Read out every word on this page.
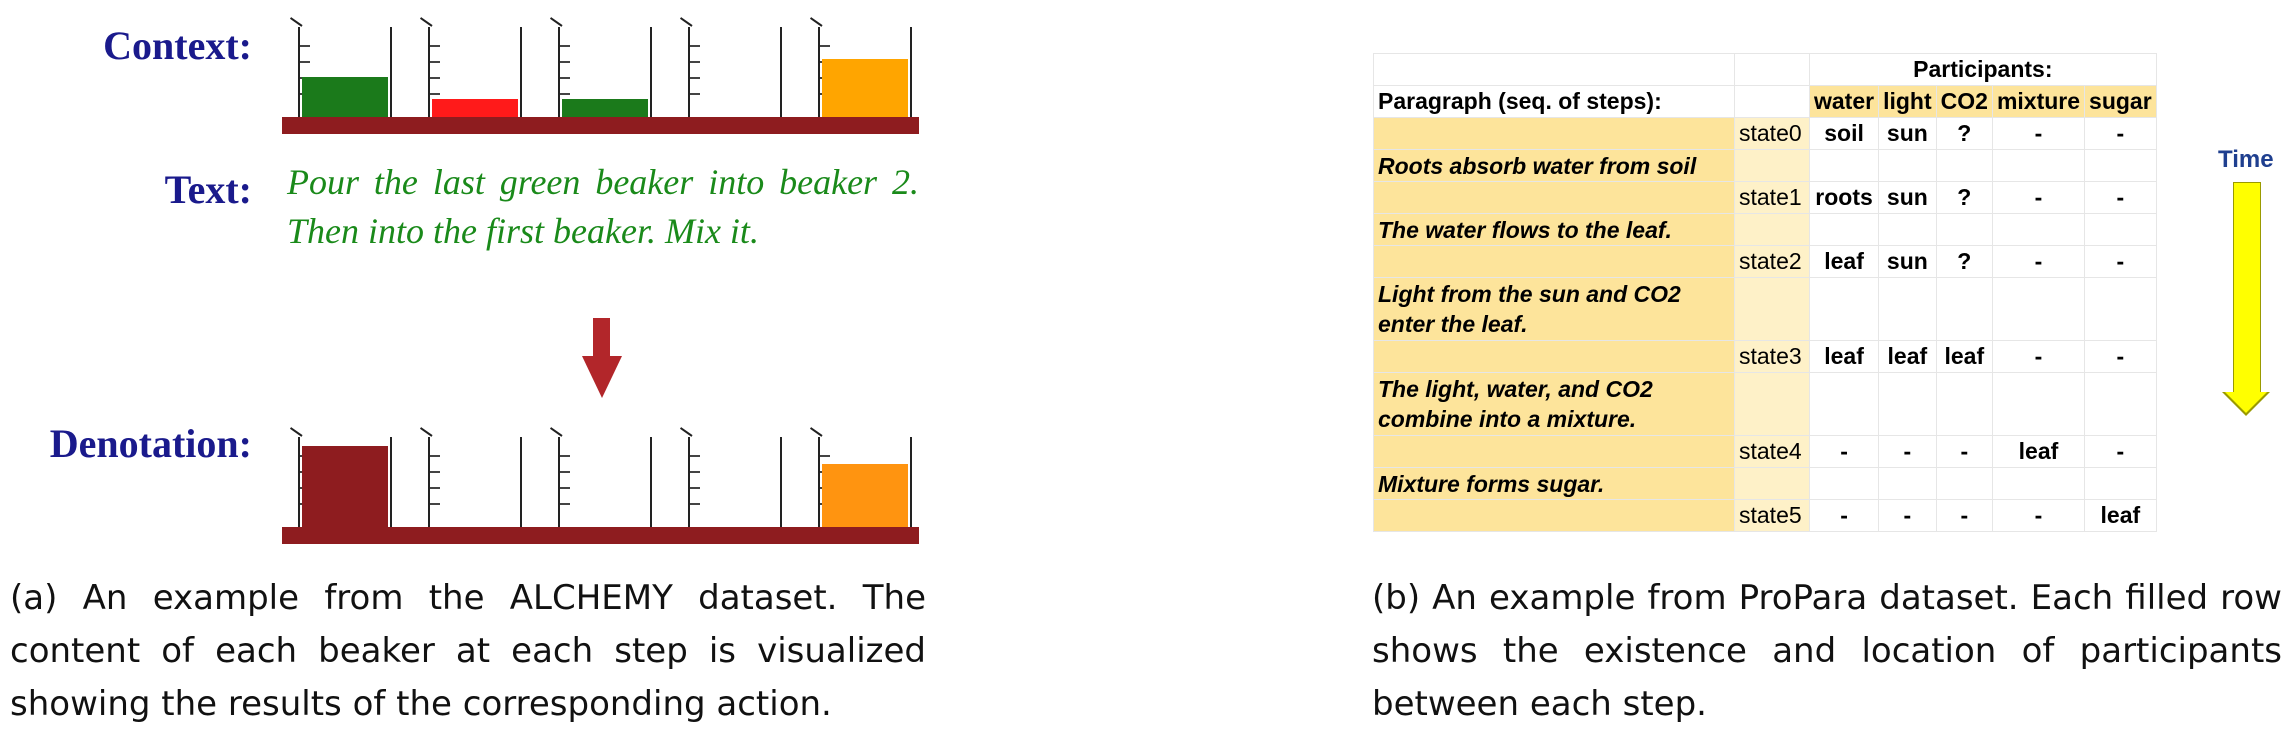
Context:
Text: Pour the last green beaker into beaker 2. Then into the first beaker. Mix it.
Denotation:
(a) An example from the ALCHEMY dataset. The content of each beaker at each step is visualized showing the results of the corresponding action.
		Participants:				
Paragraph (seq. of steps):		water	light	CO2	mixture	sugar
	state0	soil	sun	?	-	-
Roots absorb water from soil						
	state1	roots	sun	?	-	-
The water flows to the leaf.						
	state2	leaf	sun	?	-	-
Light from the sun and CO2 enter the leaf.						
	state3	leaf	leaf	leaf	-	-
The light, water, and CO2 combine into a mixture.						
	state4	-	-	-	leaf	-
Mixture forms sugar.						
	state5	-	-	-	-	leaf
Time
(b) An example from ProPara dataset. Each filled row shows the existence and location of participants between each step.
